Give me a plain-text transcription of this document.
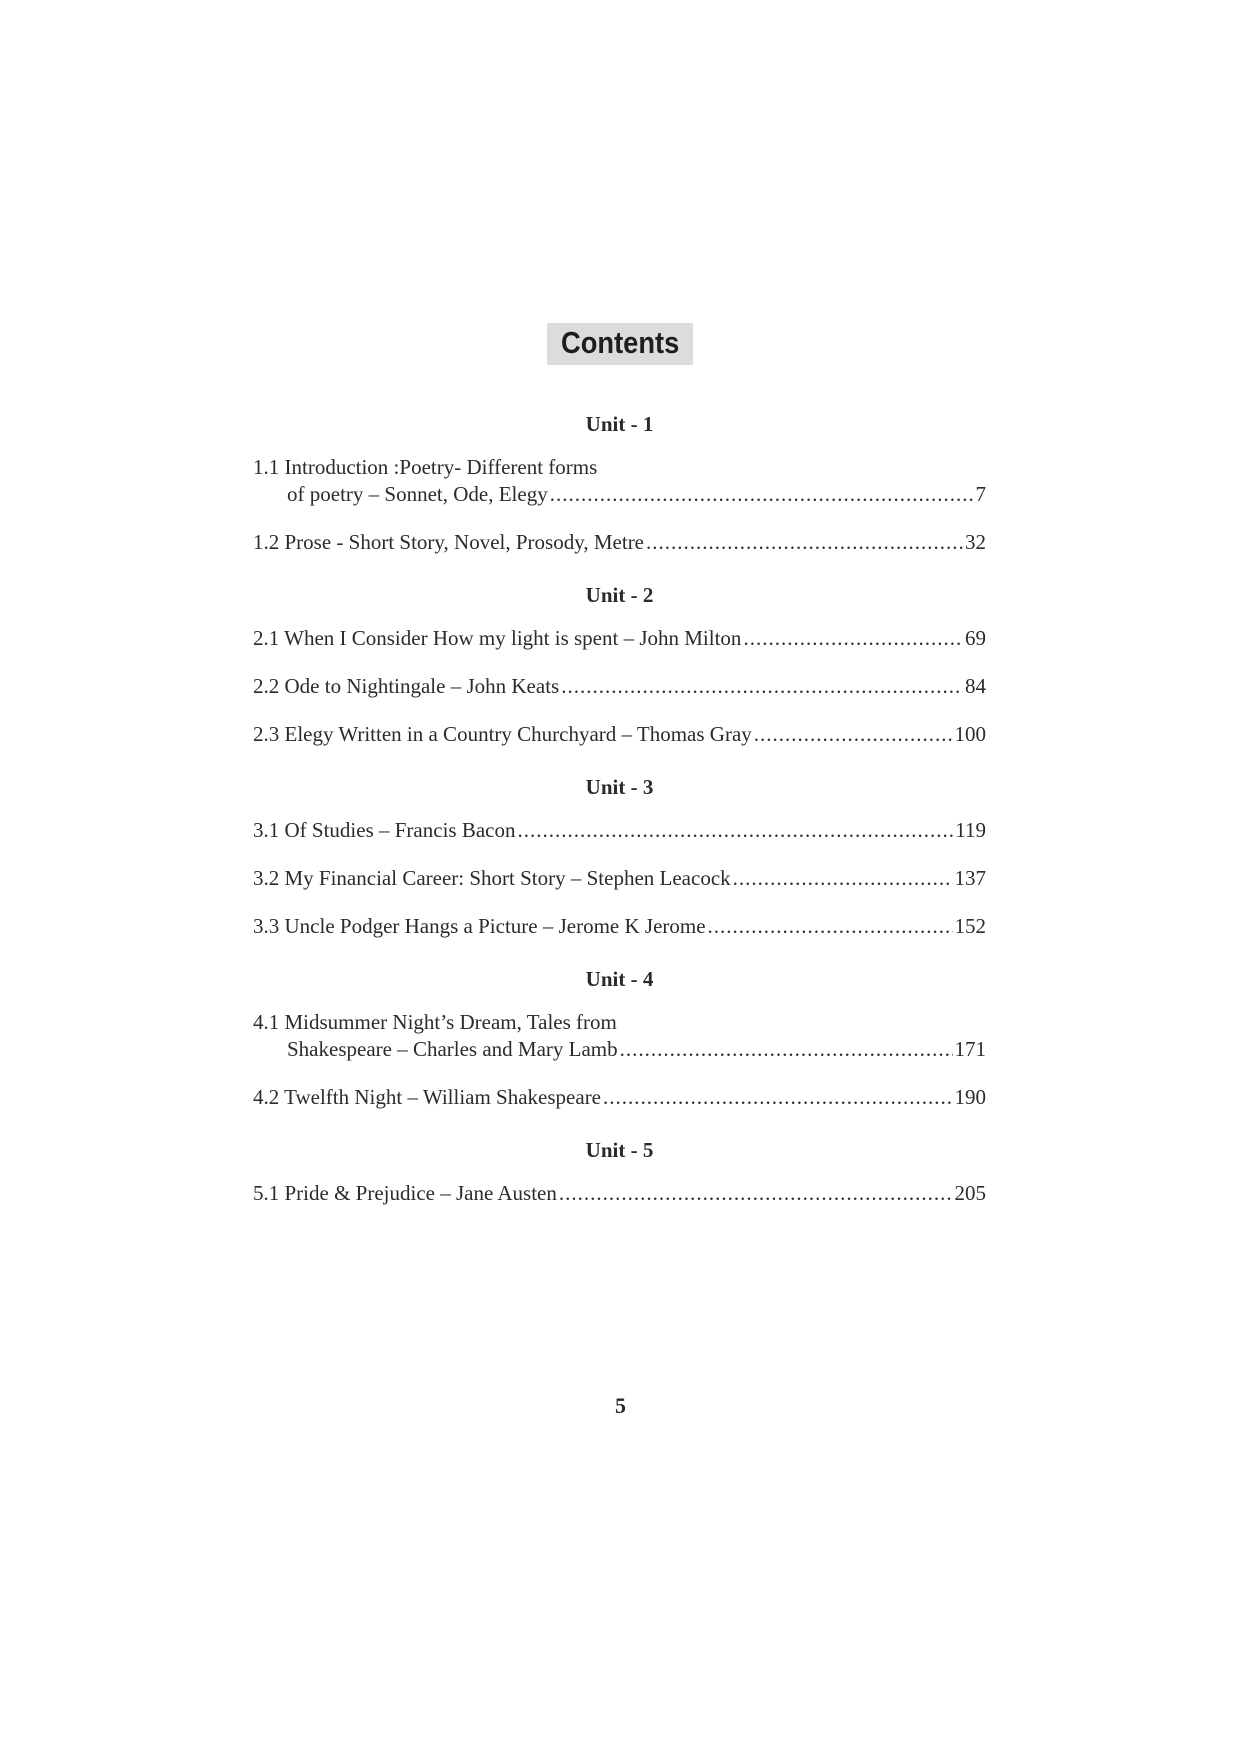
Contents
Unit - 1
1.1 Introduction :Poetry- Different forms
of poetry – Sonnet, Ode, Elegy .....	7
1.2 Prose - Short Story, Novel, Prosody, Metre .....	32
Unit - 2
2.1 When I Consider How my light is spent – John Milton .....	69
2.2 Ode to Nightingale – John Keats .....	84
2.3 Elegy Written in a Country Churchyard – Thomas Gray .....	100
Unit - 3
3.1 Of Studies – Francis Bacon .....	119
3.2 My Financial Career: Short Story – Stephen Leacock .....	137
3.3 Uncle Podger Hangs a Picture – Jerome K Jerome .....	152
Unit - 4
4.1 Midsummer Night’s Dream, Tales from
Shakespeare – Charles and Mary Lamb .....	171
4.2 Twelfth Night – William Shakespeare .....	190
Unit - 5
5.1 Pride & Prejudice – Jane Austen .....	205
5
